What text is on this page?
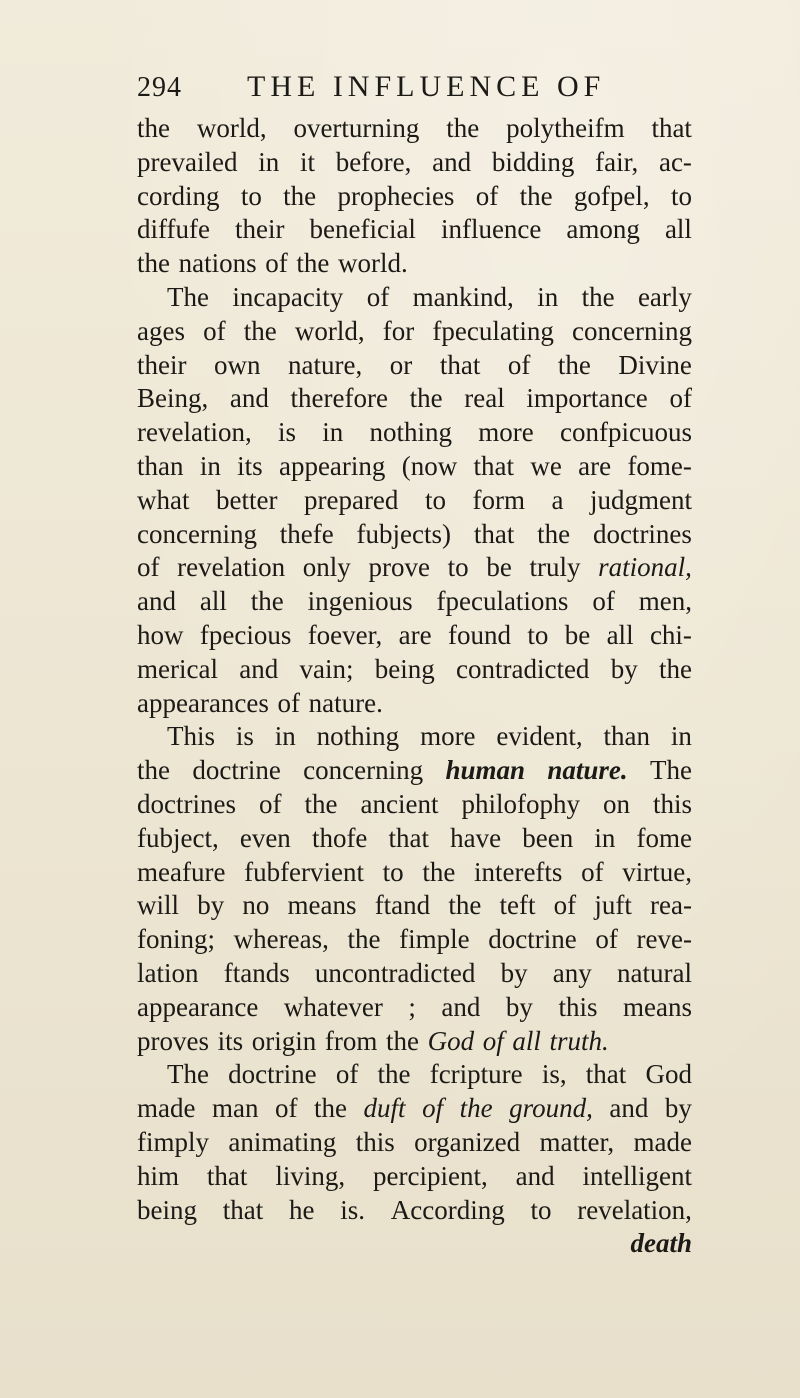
294 THE INFLUENCE OF
the world, overturning the polytheifm that
prevailed in it before, and bidding fair, ac-
cording to the prophecies of the gofpel, to
diffufe their beneficial influence among all
the nations of the world.
The incapacity of mankind, in the early
ages of the world, for fpeculating concerning
their own nature, or that of the Divine
Being, and therefore the real importance of
revelation, is in nothing more confpicuous
than in its appearing (now that we are fome-
what better prepared to form a judgment
concerning thefe fubjects) that the doctrines
of revelation only prove to be truly rational,
and all the ingenious fpeculations of men,
how fpecious foever, are found to be all chi-
merical and vain; being contradicted by the
appearances of nature.
This is in nothing more evident, than in
the doctrine concerning human nature. The
doctrines of the ancient philofophy on this
fubject, even thofe that have been in fome
meafure fubfervient to the interefts of virtue,
will by no means ftand the teft of juft rea-
foning; whereas, the fimple doctrine of reve-
lation ftands uncontradicted by any natural
appearance whatever ; and by this means
proves its origin from the God of all truth.
The doctrine of the fcripture is, that God
made man of the duft of the ground, and by
fimply animating this organized matter, made
him that living, percipient, and intelligent
being that he is. According to revelation,
death
